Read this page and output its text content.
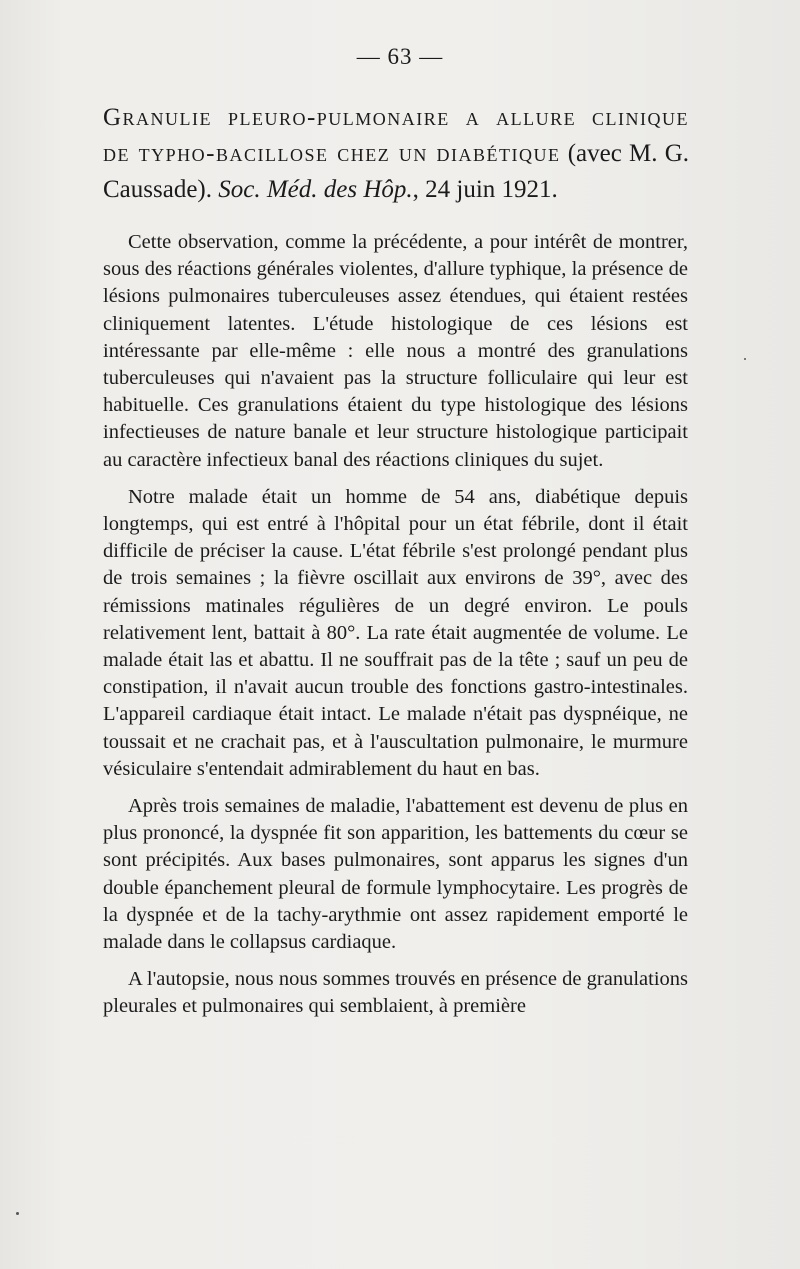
— 63 —
Granulie pleuro-pulmonaire a allure clinique de typho-bacillose chez un diabétique (avec M. G. Caussade). Soc. Méd. des Hôp., 24 juin 1921.

Cette observation, comme la précédente, a pour intérêt de montrer, sous des réactions générales violentes, d'allure typhique, la présence de lésions pulmonaires tuberculeuses assez étendues, qui étaient restées cliniquement latentes. L'étude histologique de ces lésions est intéressante par elle-même : elle nous a montré des granulations tuberculeuses qui n'avaient pas la structure folliculaire qui leur est habituelle. Ces granulations étaient du type histologique des lésions infectieuses de nature banale et leur structure histologique participait au caractère infectieux banal des réactions cliniques du sujet.

Notre malade était un homme de 54 ans, diabétique depuis longtemps, qui est entré à l'hôpital pour un état fébrile, dont il était difficile de préciser la cause. L'état fébrile s'est prolongé pendant plus de trois semaines ; la fièvre oscillait aux environs de 39°, avec des rémissions matinales régulières de un degré environ. Le pouls relativement lent, battait à 80°. La rate était augmentée de volume. Le malade était las et abattu. Il ne souffrait pas de la tête ; sauf un peu de constipation, il n'avait aucun trouble des fonctions gastro-intestinales. L'appareil cardiaque était intact. Le malade n'était pas dyspnéique, ne toussait et ne crachait pas, et à l'auscultation pulmonaire, le murmure vésiculaire s'entendait admirablement du haut en bas.

Après trois semaines de maladie, l'abattement est devenu de plus en plus prononcé, la dyspnée fit son apparition, les battements du cœur se sont précipités. Aux bases pulmonaires, sont apparus les signes d'un double épanchement pleural de formule lymphocytaire. Les progrès de la dyspnée et de la tachy-arythmie ont assez rapidement emporté le malade dans le collapsus cardiaque.

A l'autopsie, nous nous sommes trouvés en présence de granulations pleurales et pulmonaires qui semblaient, à première
